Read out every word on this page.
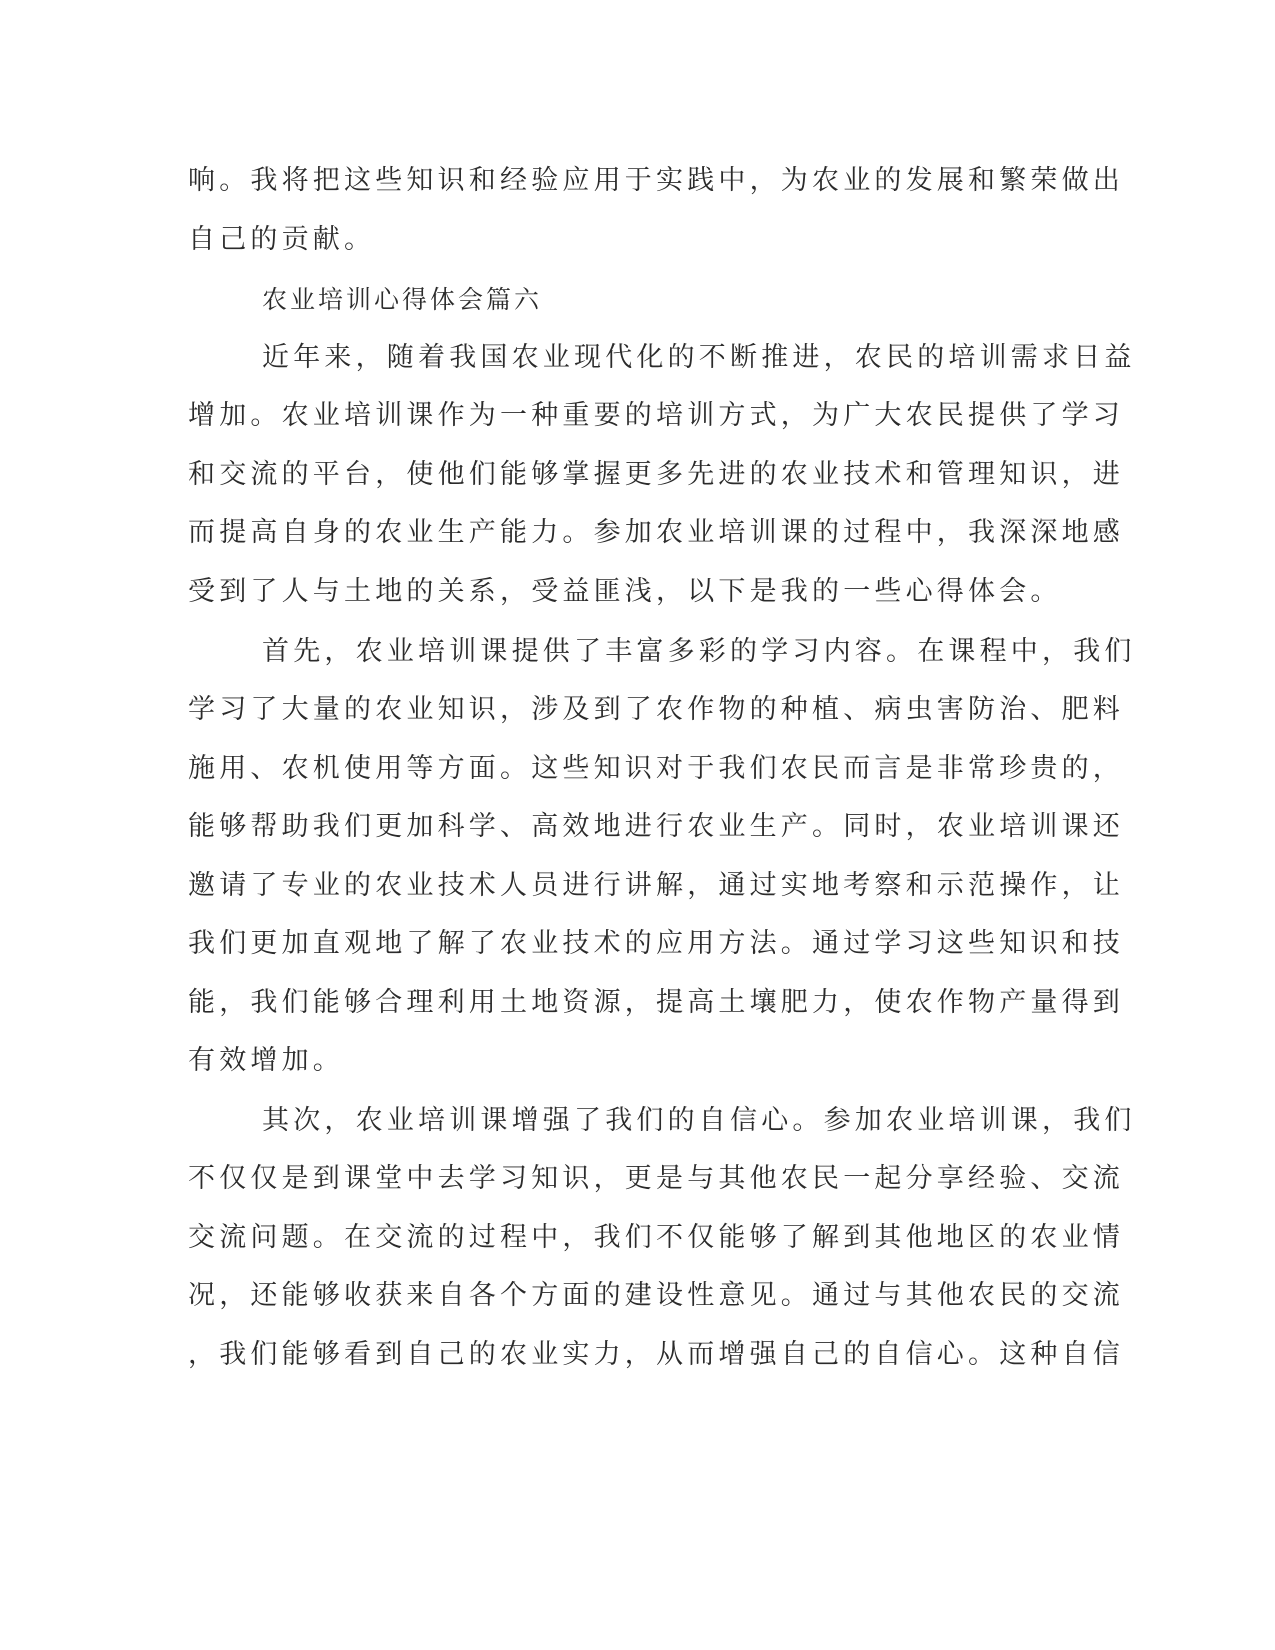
响。我将把这些知识和经验应用于实践中，为农业的发展和繁荣做出
自己的贡献。
农业培训心得体会篇六
近年来，随着我国农业现代化的不断推进，农民的培训需求日益
增加。农业培训课作为一种重要的培训方式，为广大农民提供了学习
和交流的平台，使他们能够掌握更多先进的农业技术和管理知识，进
而提高自身的农业生产能力。参加农业培训课的过程中，我深深地感
受到了人与土地的关系，受益匪浅，以下是我的一些心得体会。
首先，农业培训课提供了丰富多彩的学习内容。在课程中，我们
学习了大量的农业知识，涉及到了农作物的种植、病虫害防治、肥料
施用、农机使用等方面。这些知识对于我们农民而言是非常珍贵的，
能够帮助我们更加科学、高效地进行农业生产。同时，农业培训课还
邀请了专业的农业技术人员进行讲解，通过实地考察和示范操作，让
我们更加直观地了解了农业技术的应用方法。通过学习这些知识和技
能，我们能够合理利用土地资源，提高土壤肥力，使农作物产量得到
有效增加。
其次，农业培训课增强了我们的自信心。参加农业培训课，我们
不仅仅是到课堂中去学习知识，更是与其他农民一起分享经验、交流
交流问题。在交流的过程中，我们不仅能够了解到其他地区的农业情
况，还能够收获来自各个方面的建设性意见。通过与其他农民的交流
，我们能够看到自己的农业实力，从而增强自己的自信心。这种自信
